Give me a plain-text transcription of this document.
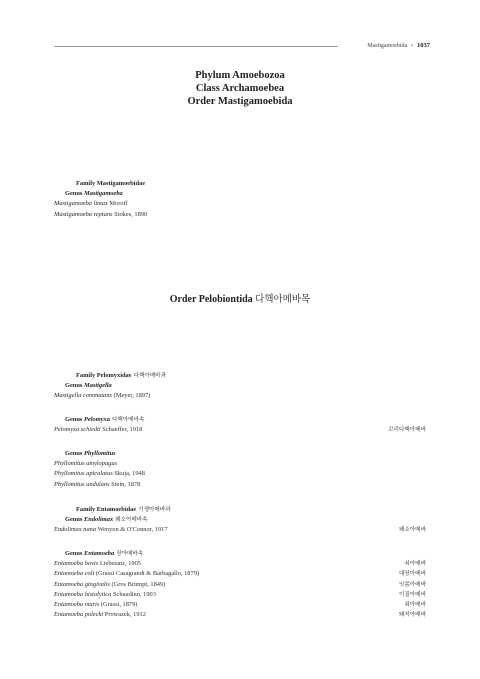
Mastigamoebida • 1037
Phylum Amoebozoa
Class Archamoebea
Order Mastigamoebida
Family Mastigamoebidae
Genus Mastigamoeba
Mastigamoeba limax Moroff
Mastigamoeba reptans Stokes, 1890
Order Pelobiontida 다핵아메바목
Family Pelomyxidae 다핵아메바과
Genus Mastigella
Mastigella commutans (Meyer, 1897)
Genus Pelomyxa 다핵아메바속
Pelomyxa schiedti Schaeffer, 1918	꼬리다핵아메바
Genus Phyllomitus
Phyllomitus amylopagus
Phyllomitus apiculatus Skuja, 1948
Phyllomitus undulans Stein, 1878
Family Entamoebidae 기생아메바과
Genus Endolimax 왜소아메바속
Endolimax nana Wenyon & O'Connor, 1917	왜소아메바
Genus Entamoeba 장아메바속
Entamoeba bovis Liebetanz, 1905	쇠아메바
Entamoeba coli (Grassi Casagrandi & Barbagallo, 1879)	대장아메바
Entamoeba gingivalis (Gros Brumpt, 1849)	잇몸아메바
Entamoeba histolytica Schaudinn, 1903	이질아메바
Entamoeba muris (Grassi, 1879)	쥐아메바
Entamoeba polecki Prowazek, 1912	돼지아메바
